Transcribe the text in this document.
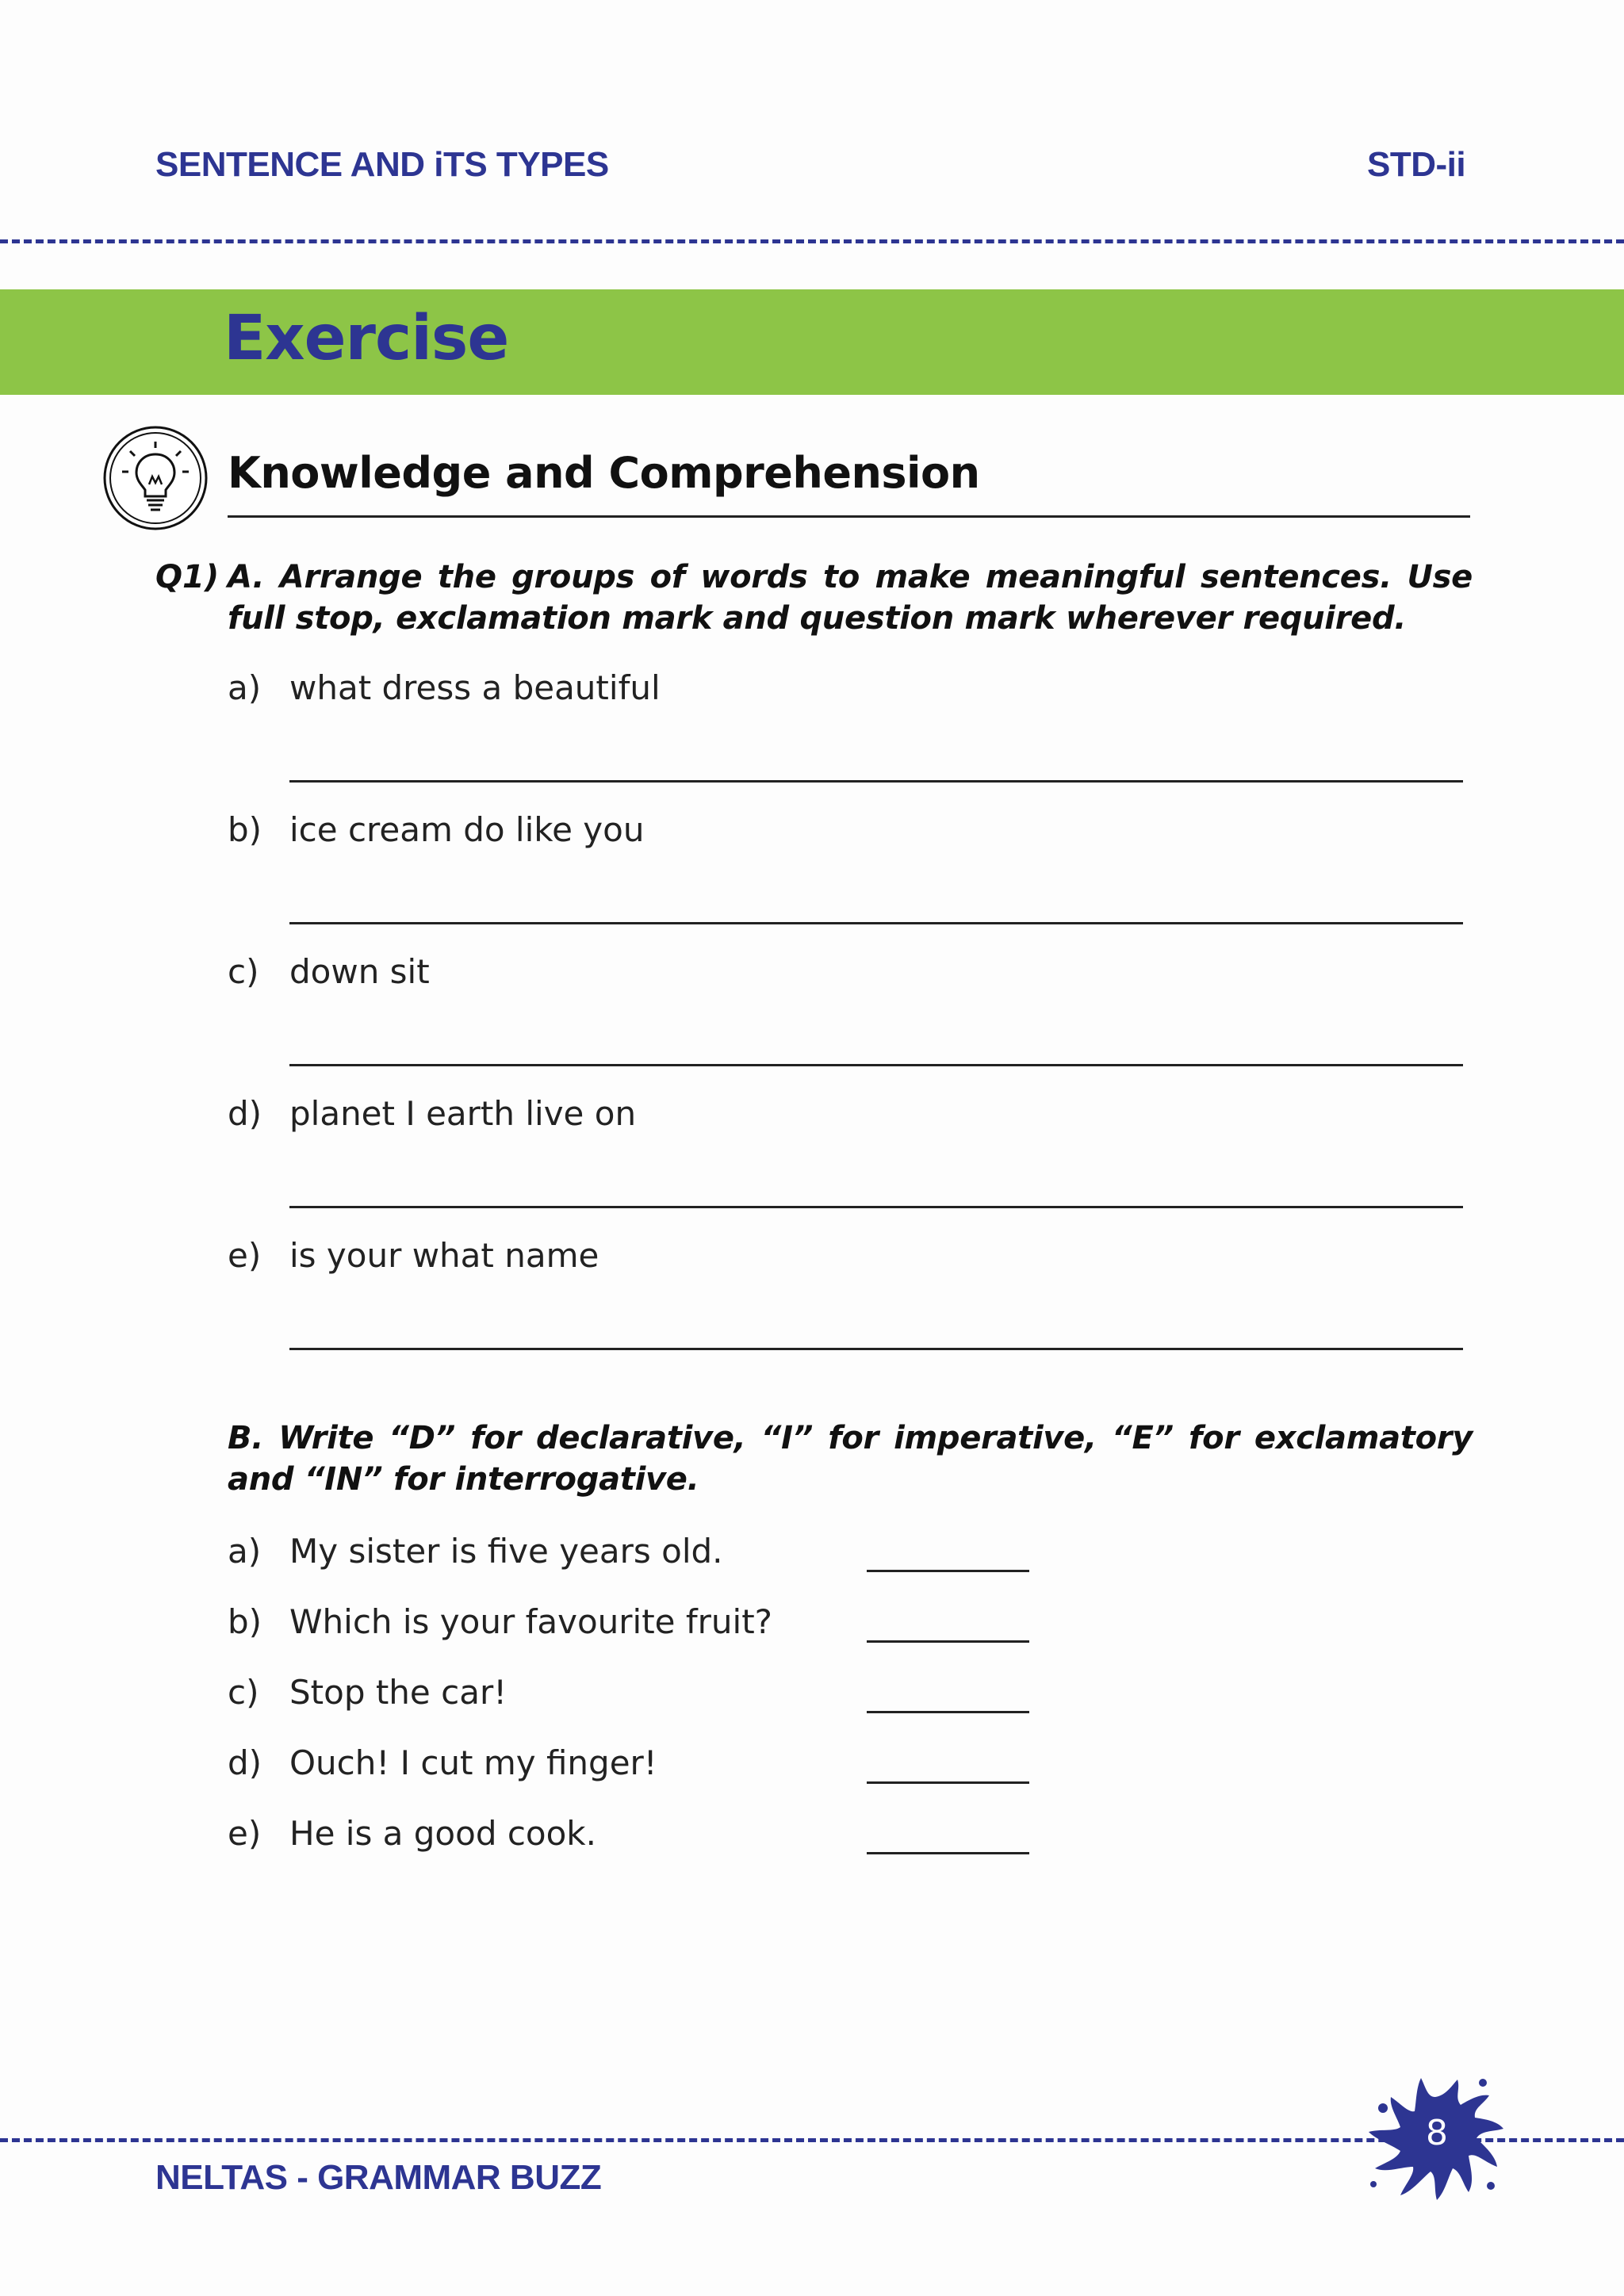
SENTENCE AND iTS TYPES	STD-ii
Exercise
Knowledge and Comprehension
Q1) A. Arrange the groups of words to make meaningful sentences. Use full stop, exclamation mark and question mark wherever required.
a) what dress a beautiful
b) ice cream do like you
c) down sit
d) planet I earth live on
e) is your what name
B. Write “D” for declarative, “I” for imperative, “E” for exclamatory and “IN” for interrogative.
a) My sister is five years old.
b) Which is your favourite fruit?
c) Stop the car!
d) Ouch! I cut my finger!
e) He is a good cook.
8
NELTAS - GRAMMAR BUZZ
